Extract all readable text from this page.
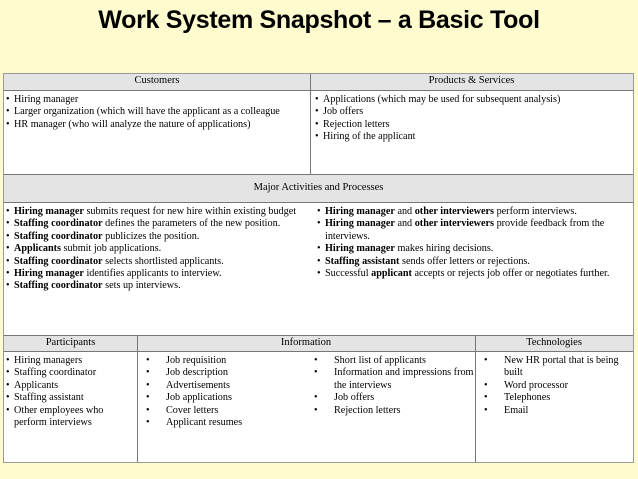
Work System Snapshot – a Basic Tool
Customers	Products & Services
• Hiring manager
• Larger organization (which will have the applicant as a colleague
• HR manager (who will analyze the nature of applications)
• Applications (which may be used for subsequent analysis)
• Job offers
• Rejection letters
• Hiring of the applicant
Major Activities and Processes
• Hiring manager submits request for new hire within existing budget
• Staffing coordinator defines the parameters of the new position.
• Staffing coordinator publicizes the position.
• Applicants submit job applications.
• Staffing coordinator selects shortlisted applicants.
• Hiring manager identifies applicants to interview.
• Staffing coordinator sets up interviews.
• Hiring manager and other interviewers perform interviews.
• Hiring manager and other interviewers provide feedback from the interviews.
• Hiring manager makes hiring decisions.
• Staffing assistant sends offer letters or rejections.
• Successful applicant accepts or rejects job offer or negotiates further.
Participants	Information	Technologies
• Hiring managers
• Staffing coordinator
• Applicants
• Staffing assistant
• Other employees who perform interviews
• Job requisition
• Job description
• Advertisements
• Job applications
• Cover letters
• Applicant resumes
• Short list of applicants
• Information and impressions from the interviews
• Job offers
• Rejection letters
• New HR portal that is being built
• Word processor
• Telephones
• Email
